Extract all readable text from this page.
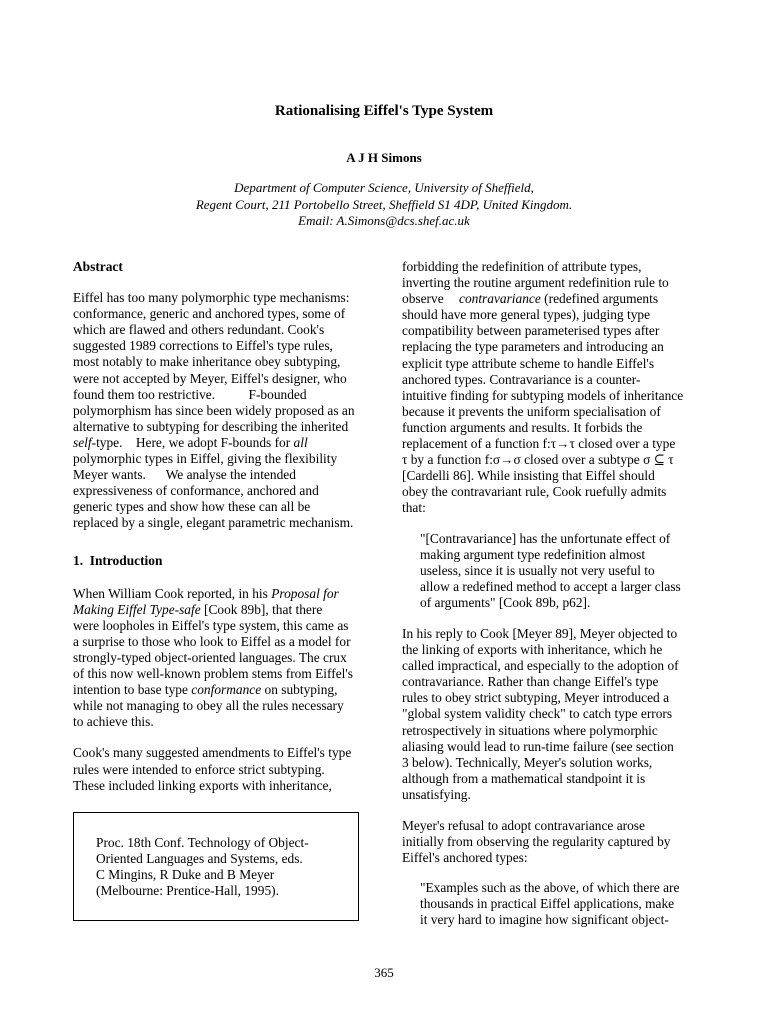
Rationalising Eiffel's Type System
A J H Simons
Department of Computer Science, University of Sheffield,
Regent Court, 211 Portobello Street, Sheffield S1 4DP, United Kingdom.
Email: A.Simons@dcs.shef.ac.uk

Abstract

Eiffel has too many polymorphic type mechanisms:

conformance, generic and anchored types, some of

which are flawed and others redundant. Cook's

suggested 1989 corrections to Eiffel's type rules,

most notably to make inheritance obey subtyping,

were not accepted by Meyer, Eiffel's designer, who

found them too restrictive.          F-bounded

polymorphism has since been widely proposed as an

alternative to subtyping for describing the inherited

self-type.    Here, we adopt F-bounds for all

polymorphic types in Eiffel, giving the flexibility

Meyer wants.      We analyse the intended

expressiveness of conformance, anchored and

generic types and show how these can all be

replaced by a single, elegant parametric mechanism.

1.  Introduction

When William Cook reported, in his Proposal for

Making Eiffel Type-safe [Cook 89b], that there

were loopholes in Eiffel's type system, this came as

a surprise to those who look to Eiffel as a model for

strongly-typed object-oriented languages. The crux

of this now well-known problem stems from Eiffel's

intention to base type conformance on subtyping,

while not managing to obey all the rules necessary

to achieve this.

Cook's many suggested amendments to Eiffel's type

rules were intended to enforce strict subtyping.

These included linking exports with inheritance,

Proc. 18th Conf. Technology of Object-
Oriented Languages and Systems, eds.
C Mingins, R Duke and B Meyer
(Melbourne: Prentice-Hall, 1995).

forbidding the redefinition of attribute types,

inverting the routine argument redefinition rule to

observe contravariance (redefined arguments

should have more general types), judging type

compatibility between parameterised types after

replacing the type parameters and introducing an

explicit type attribute scheme to handle Eiffel's

anchored types. Contravariance is a counter-

intuitive finding for subtyping models of inheritance

because it prevents the uniform specialisation of

function arguments and results. It forbids the

replacement of a function f:τ→τ closed over a type

τ by a function f:σ→σ closed over a subtype σ ⊆ τ

[Cardelli 86]. While insisting that Eiffel should

obey the contravariant rule, Cook ruefully admits

that:

"[Contravariance] has the unfortunate effect of

making argument type redefinition almost

useless, since it is usually not very useful to

allow a redefined method to accept a larger class

of arguments" [Cook 89b, p62].

In his reply to Cook [Meyer 89], Meyer objected to

the linking of exports with inheritance, which he

called impractical, and especially to the adoption of

contravariance. Rather than change Eiffel's type

rules to obey strict subtyping, Meyer introduced a

"global system validity check" to catch type errors

retrospectively in situations where polymorphic

aliasing would lead to run-time failure (see section

3 below). Technically, Meyer's solution works,

although from a mathematical standpoint it is

unsatisfying.

Meyer's refusal to adopt contravariance arose

initially from observing the regularity captured by

Eiffel's anchored types:

"Examples such as the above, of which there are

thousands in practical Eiffel applications, make

it very hard to imagine how significant object-

365
